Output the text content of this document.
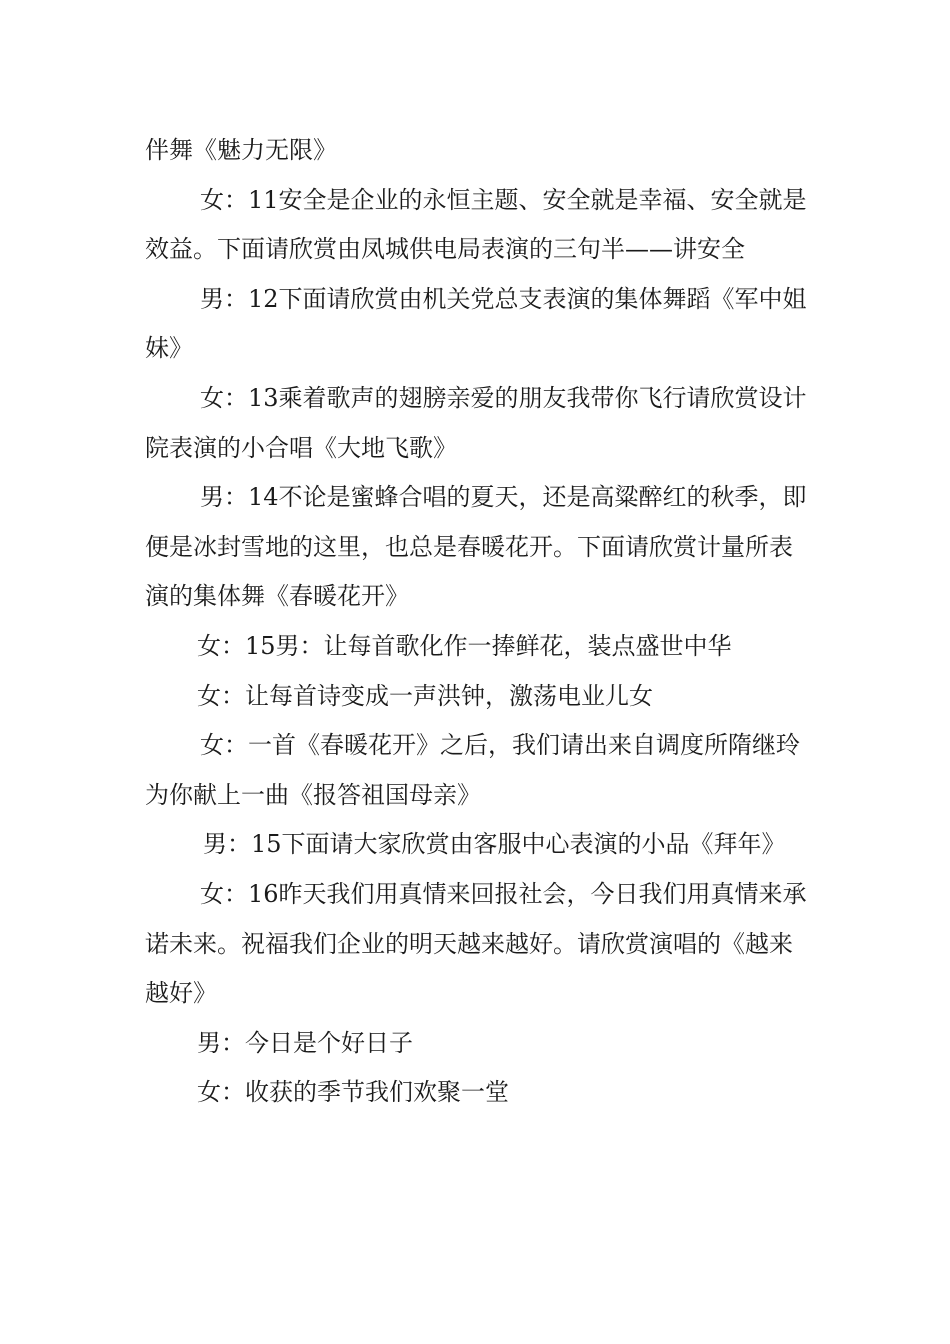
伴舞《魅力无限》

女：11安全是企业的永恒主题、安全就是幸福、安全就是效益。下面请欣赏由凤城供电局表演的三句半——讲安全

男：12下面请欣赏由机关党总支表演的集体舞蹈《军中姐妹》

女：13乘着歌声的翅膀亲爱的朋友我带你飞行请欣赏设计院表演的小合唱《大地飞歌》

男：14不论是蜜蜂合唱的夏天，还是高粱醉红的秋季，即便是冰封雪地的这里，也总是春暖花开。下面请欣赏计量所表演的集体舞《春暖花开》

女：15男：让每首歌化作一捧鲜花，装点盛世中华

女：让每首诗变成一声洪钟，激荡电业儿女

女：一首《春暖花开》之后，我们请出来自调度所隋继玲为你献上一曲《报答祖国母亲》

男：15下面请大家欣赏由客服中心表演的小品《拜年》

女：16昨天我们用真情来回报社会，今日我们用真情来承诺未来。祝福我们企业的明天越来越好。请欣赏演唱的《越来越好》

男：今日是个好日子

女：收获的季节我们欢聚一堂
